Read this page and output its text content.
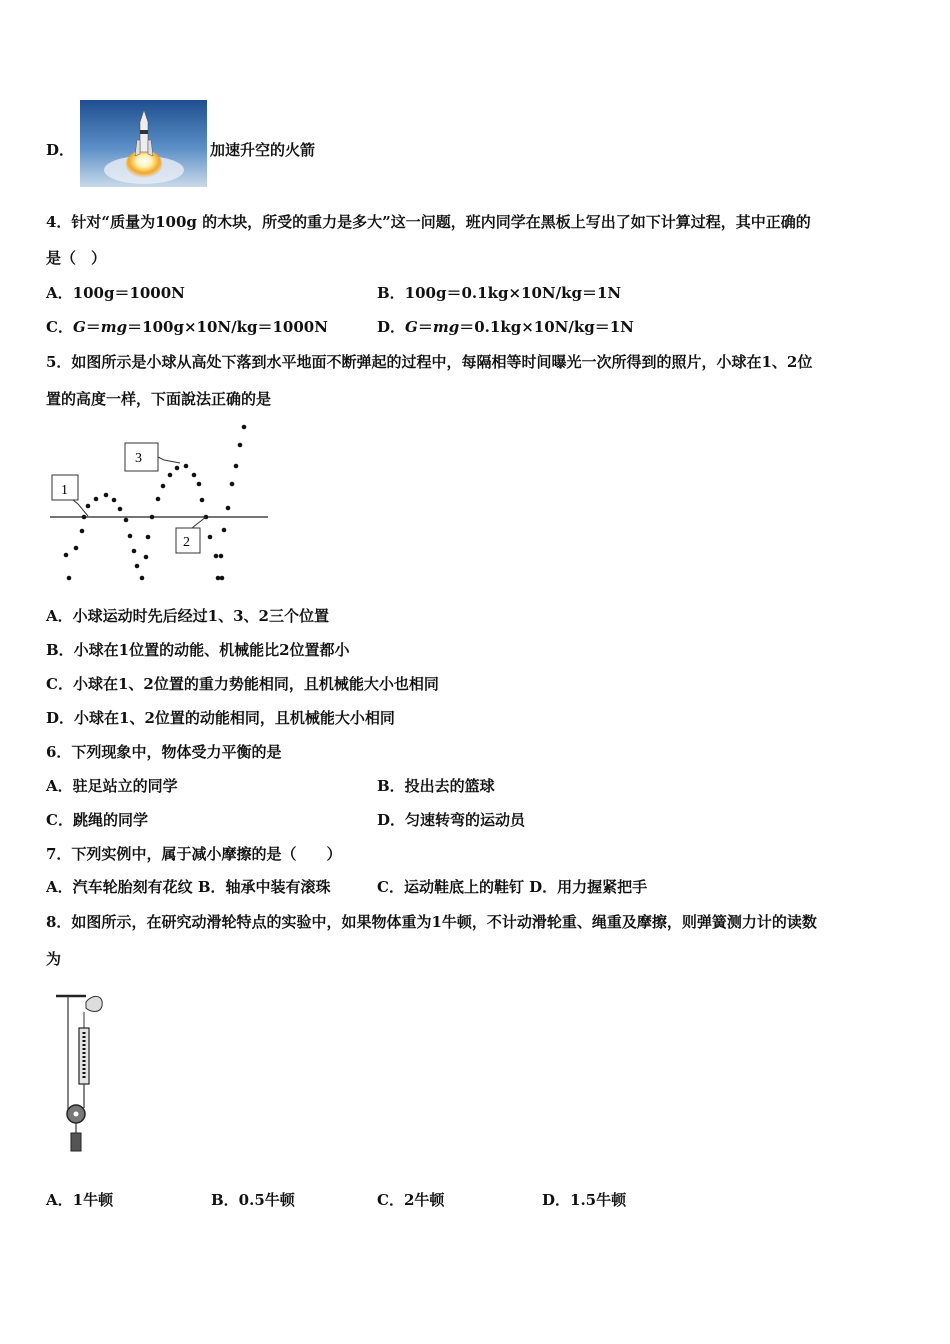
D．	加速升空的火箭
4．针对“质量为100g 的木块，所受的重力是多大”这一问题，班内同学在黑板上写出了如下计算过程，其中正确的
是（　）
A．100g＝1000N	B．100g＝0.1kg×10N/kg＝1N
C．G＝mg＝100g×10N/kg＝1000N	D．G＝mg＝0.1kg×10N/kg＝1N
5．如图所示是小球从高处下落到水平地面不断弹起的过程中，每隔相等时间曝光一次所得到的照片，小球在1、2位
置的高度一样，下面說法正确的是
1
3
2
A．小球运动时先后经过1、3、2三个位置
B．小球在1位置的动能、机械能比2位置都小
C．小球在1、2位置的重力势能相同，且机械能大小也相同
D．小球在1、2位置的动能相同，且机械能大小相同
6．下列现象中，物体受力平衡的是
A．驻足站立的同学	B．投出去的篮球
C．跳绳的同学	D．匀速转弯的运动员
7．下列实例中，属于减小摩擦的是（　　）
A．汽车轮胎刻有花纹 B．轴承中装有滚珠	C．运动鞋底上的鞋钉 D．用力握紧把手
8．如图所示，在研究动滑轮特点的实验中，如果物体重为1牛顿，不计动滑轮重、绳重及摩擦，则弹簧测力计的读数
为
A．1牛顿	B．0.5牛顿	C．2牛顿	D．1.5牛顿
